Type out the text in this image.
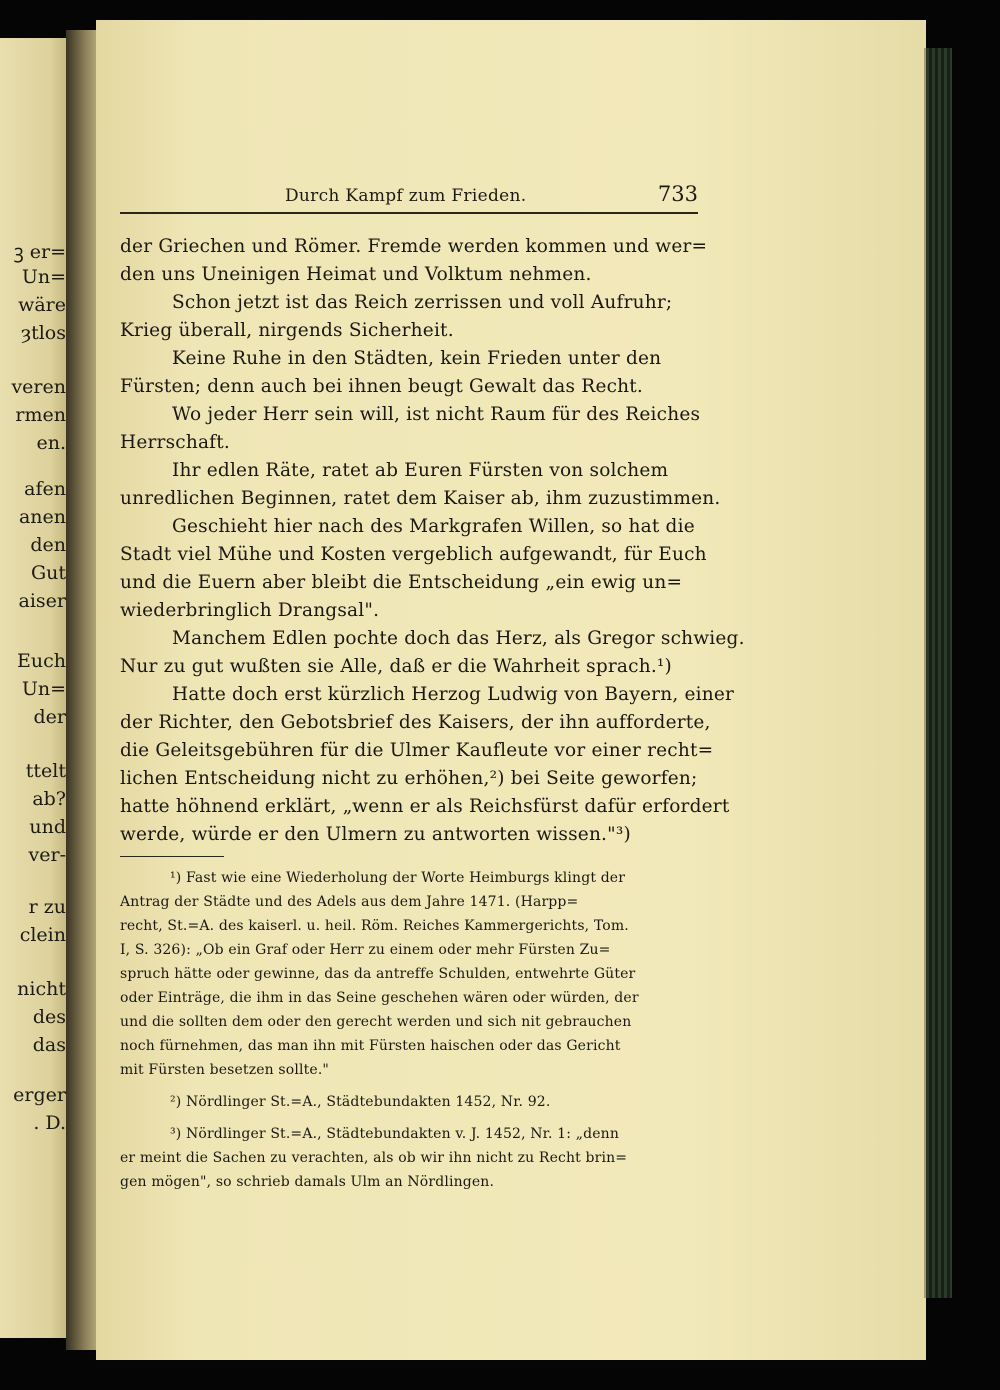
ꝫ er=
Un=
wäre
ȝtlos
veren
rmen
en.
afen
anen
den
Gut
aiser
Euch
Un=
der
ttelt
ab?
und
ver-
r zu
clein
nicht
des
das
erger
. D.
Durch Kampf zum Frieden.	733
der Griechen und Römer. Fremde werden kommen und wer=
den uns Uneinigen Heimat und Volktum nehmen.
Schon jetzt ist das Reich zerrissen und voll Aufruhr;
Krieg überall, nirgends Sicherheit.
Keine Ruhe in den Städten, kein Frieden unter den
Fürsten; denn auch bei ihnen beugt Gewalt das Recht.
Wo jeder Herr sein will, ist nicht Raum für des Reiches
Herrschaft.
Ihr edlen Räte, ratet ab Euren Fürsten von solchem
unredlichen Beginnen, ratet dem Kaiser ab, ihm zuzustimmen.
Geschieht hier nach des Markgrafen Willen, so hat die
Stadt viel Mühe und Kosten vergeblich aufgewandt, für Euch
und die Euern aber bleibt die Entscheidung „ein ewig un=
wiederbringlich Drangsal".
Manchem Edlen pochte doch das Herz, als Gregor schwieg.
Nur zu gut wußten sie Alle, daß er die Wahrheit sprach.¹)
Hatte doch erst kürzlich Herzog Ludwig von Bayern, einer
der Richter, den Gebotsbrief des Kaisers, der ihn aufforderte,
die Geleitsgebühren für die Ulmer Kaufleute vor einer recht=
lichen Entscheidung nicht zu erhöhen,²) bei Seite geworfen;
hatte höhnend erklärt, „wenn er als Reichsfürst dafür erfordert
werde, würde er den Ulmern zu antworten wissen."³)
¹) Fast wie eine Wiederholung der Worte Heimburgs klingt der
Antrag der Städte und des Adels aus dem Jahre 1471. (Harpp=
recht, St.=A. des kaiserl. u. heil. Röm. Reiches Kammergerichts, Tom.
I, S. 326): „Ob ein Graf oder Herr zu einem oder mehr Fürsten Zu=
spruch hätte oder gewinne, das da antreffe Schulden, entwehrte Güter
oder Einträge, die ihm in das Seine geschehen wären oder würden, der
und die sollten dem oder den gerecht werden und sich nit gebrauchen
noch fürnehmen, das man ihn mit Fürsten haischen oder das Gericht
mit Fürsten besetzen sollte."
²) Nördlinger St.=A., Städtebundakten 1452, Nr. 92.
³) Nördlinger St.=A., Städtebundakten v. J. 1452, Nr. 1: „denn
er meint die Sachen zu verachten, als ob wir ihn nicht zu Recht brin=
gen mögen", so schrieb damals Ulm an Nördlingen.
